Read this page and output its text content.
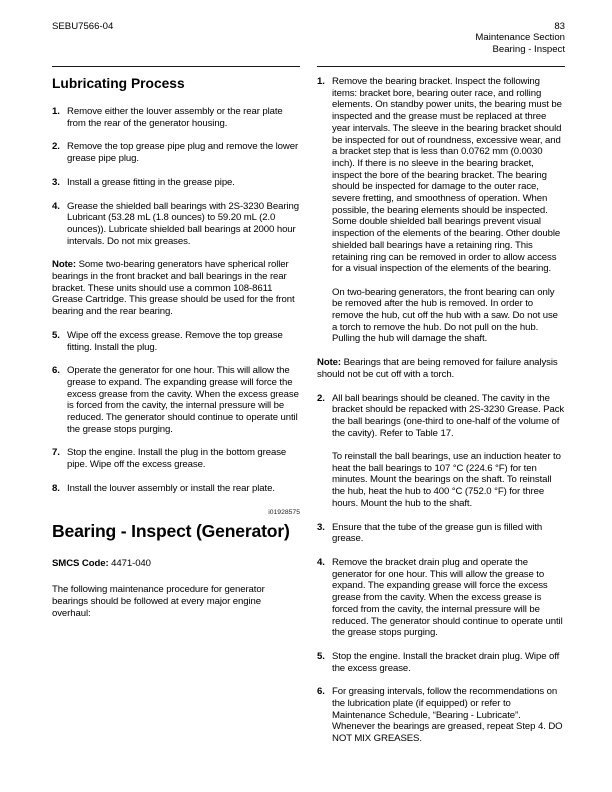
SEBU7566-04	83
Maintenance Section
Bearing - Inspect
Lubricating Process
1. Remove either the louver assembly or the rear plate from the rear of the generator housing.

2. Remove the top grease pipe plug and remove the lower grease pipe plug.

3. Install a grease fitting in the grease pipe.

4. Grease the shielded ball bearings with 2S-3230 Bearing Lubricant (53.28 mL (1.8 ounces) to 59.20 mL (2.0 ounces)). Lubricate shielded ball bearings at 2000 hour intervals. Do not mix greases.

Note: Some two-bearing generators have spherical roller bearings in the front bracket and ball bearings in the rear bracket. These units should use a common 108-8611 Grease Cartridge. This grease should be used for the front bearing and the rear bearing.

5. Wipe off the excess grease. Remove the top grease fitting. Install the plug.

6. Operate the generator for one hour. This will allow the grease to expand. The expanding grease will force the excess grease from the cavity. When the excess grease is forced from the cavity, the internal pressure will be reduced. The generator should continue to operate until the grease stops purging.

7. Stop the engine. Install the plug in the bottom grease pipe. Wipe off the excess grease.

8. Install the louver assembly or install the rear plate.

i01928575
Bearing - Inspect (Generator)

SMCS Code: 4471-040

The following maintenance procedure for generator bearings should be followed at every major engine overhaul:

1. Remove the bearing bracket. Inspect the following items: bracket bore, bearing outer race, and rolling elements. On standby power units, the bearing must be inspected and the grease must be replaced at three year intervals. The sleeve in the bearing bracket should be inspected for out of roundness, excessive wear, and a bracket step that is less than 0.0762 mm (0.0030 inch). If there is no sleeve in the bearing bracket, inspect the bore of the bearing bracket. The bearing should be inspected for damage to the outer race, severe fretting, and smoothness of operation. When possible, the bearing elements should be inspected. Some double shielded ball bearings prevent visual inspection of the elements of the bearing. Other double shielded ball bearings have a retaining ring. This retaining ring can be removed in order to allow access for a visual inspection of the elements of the bearing.

On two-bearing generators, the front bearing can only be removed after the hub is removed. In order to remove the hub, cut off the hub with a saw. Do not use a torch to remove the hub. Do not pull on the hub. Pulling the hub will damage the shaft.

Note: Bearings that are being removed for failure analysis should not be cut off with a torch.

2. All ball bearings should be cleaned. The cavity in the bracket should be repacked with 2S-3230 Grease. Pack the ball bearings (one-third to one-half of the volume of the cavity). Refer to Table 17.

To reinstall the ball bearings, use an induction heater to heat the ball bearings to 107 °C (224.6 °F) for ten minutes. Mount the bearings on the shaft. To reinstall the hub, heat the hub to 400 °C (752.0 °F) for three hours. Mount the hub to the shaft.

3. Ensure that the tube of the grease gun is filled with grease.

4. Remove the bracket drain plug and operate the generator for one hour. This will allow the grease to expand. The expanding grease will force the excess grease from the cavity. When the excess grease is forced from the cavity, the internal pressure will be reduced. The generator should continue to operate until the grease stops purging.

5. Stop the engine. Install the bracket drain plug. Wipe off the excess grease.

6. For greasing intervals, follow the recommendations on the lubrication plate (if equipped) or refer to Maintenance Schedule, “Bearing - Lubricate”. Whenever the bearings are greased, repeat Step 4. DO NOT MIX GREASES.
